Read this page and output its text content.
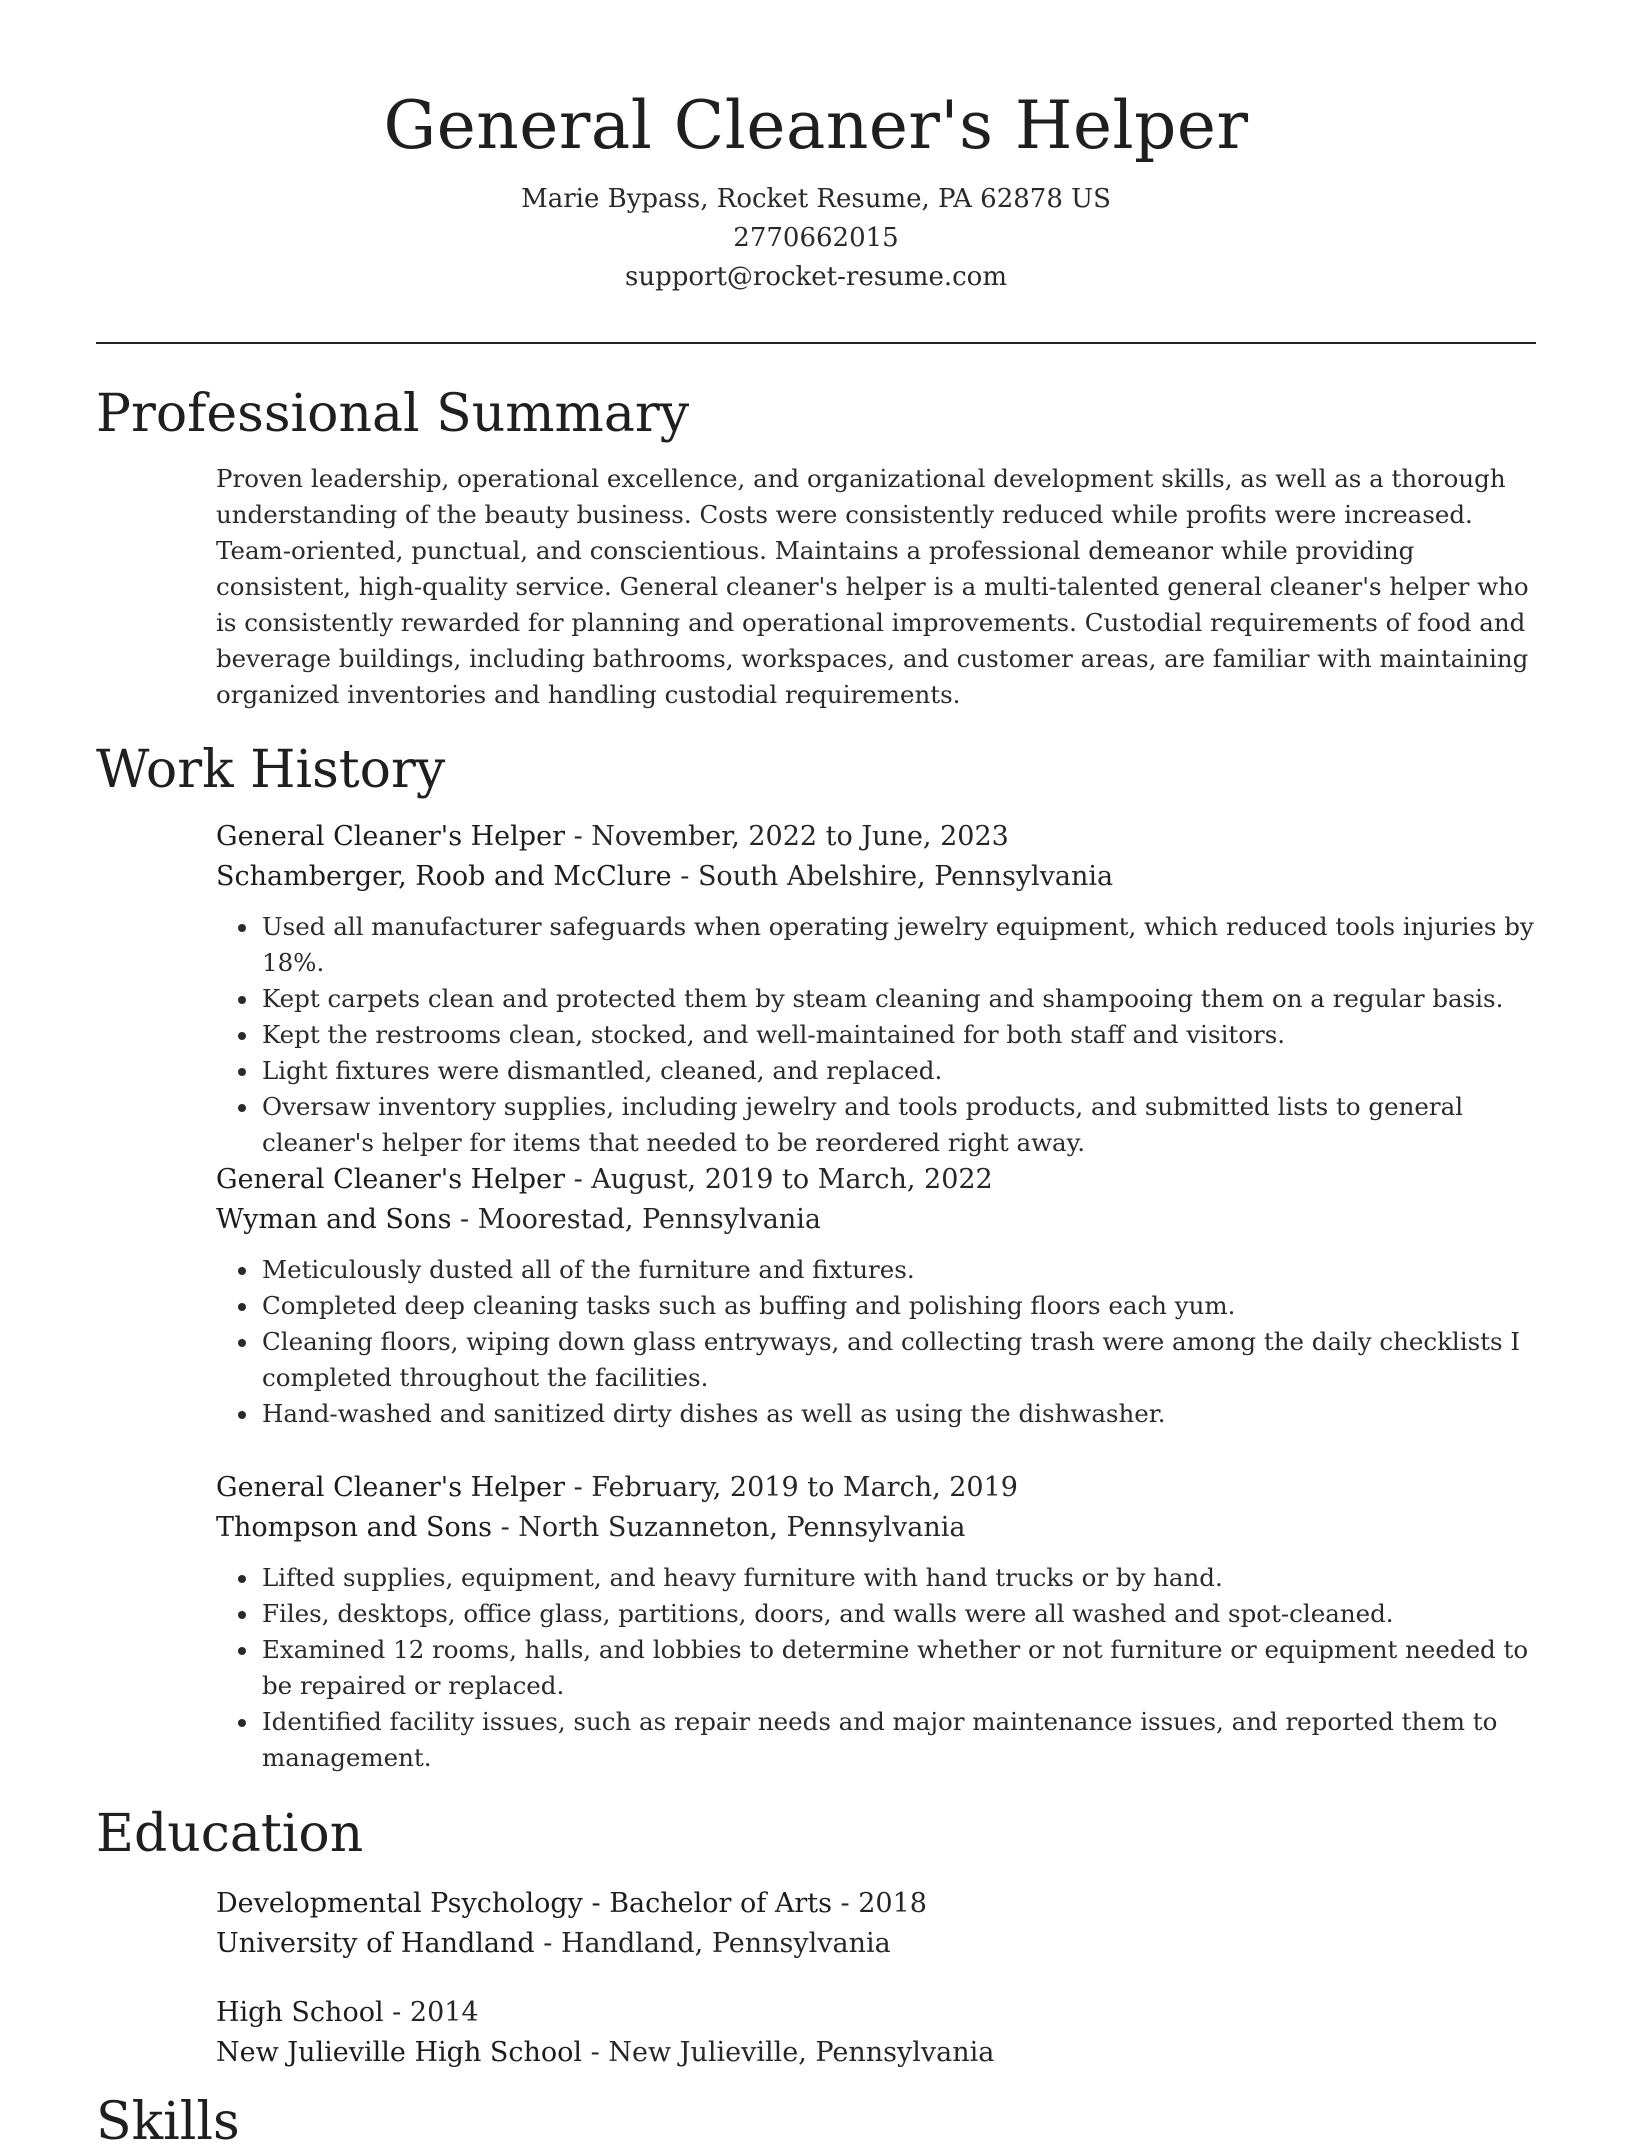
General Cleaner's Helper
Marie Bypass, Rocket Resume, PA 62878 US
2770662015
support@rocket-resume.com
Professional Summary

Proven leadership, operational excellence, and organizational development skills, as well as a thorough understanding of the beauty business. Costs were consistently reduced while profits were increased. Team-oriented, punctual, and conscientious. Maintains a professional demeanor while providing consistent, high-quality service. General cleaner's helper is a multi-talented general cleaner's helper who is consistently rewarded for planning and operational improvements. Custodial requirements of food and beverage buildings, including bathrooms, workspaces, and customer areas, are familiar with maintaining organized inventories and handling custodial requirements.

Work History

General Cleaner's Helper - November, 2022 to June, 2023

Schamberger, Roob and McClure - South Abelshire, Pennsylvania

• Used all manufacturer safeguards when operating jewelry equipment, which reduced tools injuries by 18%.
• Kept carpets clean and protected them by steam cleaning and shampooing them on a regular basis.
• Kept the restrooms clean, stocked, and well-maintained for both staff and visitors.
• Light fixtures were dismantled, cleaned, and replaced.
• Oversaw inventory supplies, including jewelry and tools products, and submitted lists to general cleaner's helper for items that needed to be reordered right away.

General Cleaner's Helper - August, 2019 to March, 2022

Wyman and Sons - Moorestad, Pennsylvania

• Meticulously dusted all of the furniture and fixtures.
• Completed deep cleaning tasks such as buffing and polishing floors each yum.
• Cleaning floors, wiping down glass entryways, and collecting trash were among the daily checklists I completed throughout the facilities.
• Hand-washed and sanitized dirty dishes as well as using the dishwasher.

General Cleaner's Helper - February, 2019 to March, 2019

Thompson and Sons - North Suzanneton, Pennsylvania

• Lifted supplies, equipment, and heavy furniture with hand trucks or by hand.
• Files, desktops, office glass, partitions, doors, and walls were all washed and spot-cleaned.
• Examined 12 rooms, halls, and lobbies to determine whether or not furniture or equipment needed to be repaired or replaced.
• Identified facility issues, such as repair needs and major maintenance issues, and reported them to management.
Education

Developmental Psychology - Bachelor of Arts - 2018

University of Handland - Handland, Pennsylvania

High School - 2014

New Julieville High School - New Julieville, Pennsylvania

Skills
